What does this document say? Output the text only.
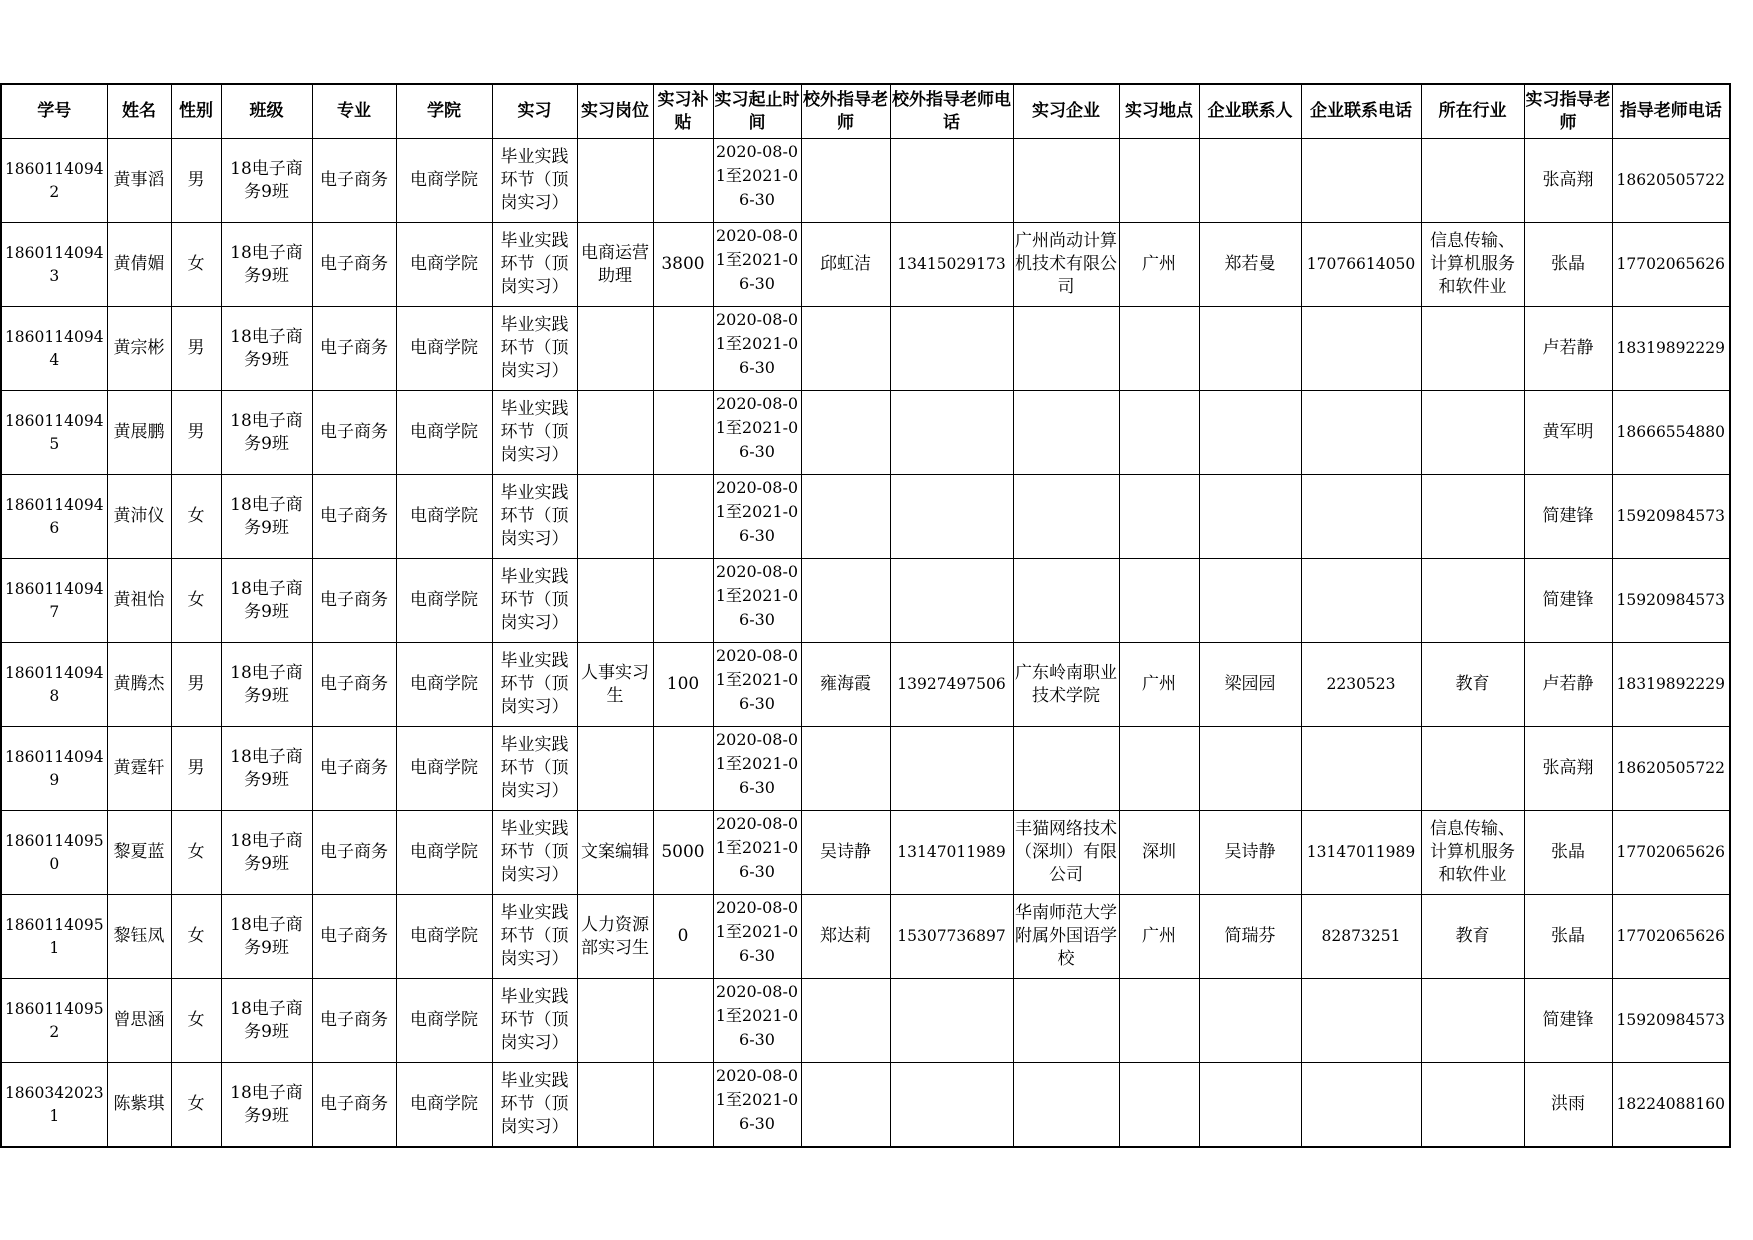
学号	姓名	性别	班级	专业	学院	实习	实习岗位	实习补贴	实习起止时间	校外指导老师	校外指导老师电话	实习企业	实习地点	企业联系人	企业联系电话	所在行业	实习指导老师	指导老师电话
18601140942	黄事滔	男	18电子商务9班	电子商务	电商学院	毕业实践环节（顶岗实习）			2020-08-01至2021-06-30								张高翔	18620505722
18601140943	黄倩媚	女	18电子商务9班	电子商务	电商学院	毕业实践环节（顶岗实习）	电商运营助理	3800	2020-08-01至2021-06-30	邱虹洁	13415029173	广州尚动计算机技术有限公司	广州	郑若曼	17076614050	信息传输、计算机服务和软件业	张晶	17702065626
18601140944	黄宗彬	男	18电子商务9班	电子商务	电商学院	毕业实践环节（顶岗实习）			2020-08-01至2021-06-30								卢若静	18319892229
18601140945	黄展鹏	男	18电子商务9班	电子商务	电商学院	毕业实践环节（顶岗实习）			2020-08-01至2021-06-30								黄军明	18666554880
18601140946	黄沛仪	女	18电子商务9班	电子商务	电商学院	毕业实践环节（顶岗实习）			2020-08-01至2021-06-30								简建锋	15920984573
18601140947	黄祖怡	女	18电子商务9班	电子商务	电商学院	毕业实践环节（顶岗实习）			2020-08-01至2021-06-30								简建锋	15920984573
18601140948	黄腾杰	男	18电子商务9班	电子商务	电商学院	毕业实践环节（顶岗实习）	人事实习生	100	2020-08-01至2021-06-30	雍海霞	13927497506	广东岭南职业技术学院	广州	梁园园	2230523	教育	卢若静	18319892229
18601140949	黄霆轩	男	18电子商务9班	电子商务	电商学院	毕业实践环节（顶岗实习）			2020-08-01至2021-06-30								张高翔	18620505722
18601140950	黎夏蓝	女	18电子商务9班	电子商务	电商学院	毕业实践环节（顶岗实习）	文案编辑	5000	2020-08-01至2021-06-30	吴诗静	13147011989	丰猫网络技术（深圳）有限公司	深圳	吴诗静	13147011989	信息传输、计算机服务和软件业	张晶	17702065626
18601140951	黎钰凤	女	18电子商务9班	电子商务	电商学院	毕业实践环节（顶岗实习）	人力资源部实习生	0	2020-08-01至2021-06-30	郑达莉	15307736897	华南师范大学附属外国语学校	广州	简瑞芬	82873251	教育	张晶	17702065626
18601140952	曾思涵	女	18电子商务9班	电子商务	电商学院	毕业实践环节（顶岗实习）			2020-08-01至2021-06-30								简建锋	15920984573
18603420231	陈紫琪	女	18电子商务9班	电子商务	电商学院	毕业实践环节（顶岗实习）			2020-08-01至2021-06-30								洪雨	18224088160
